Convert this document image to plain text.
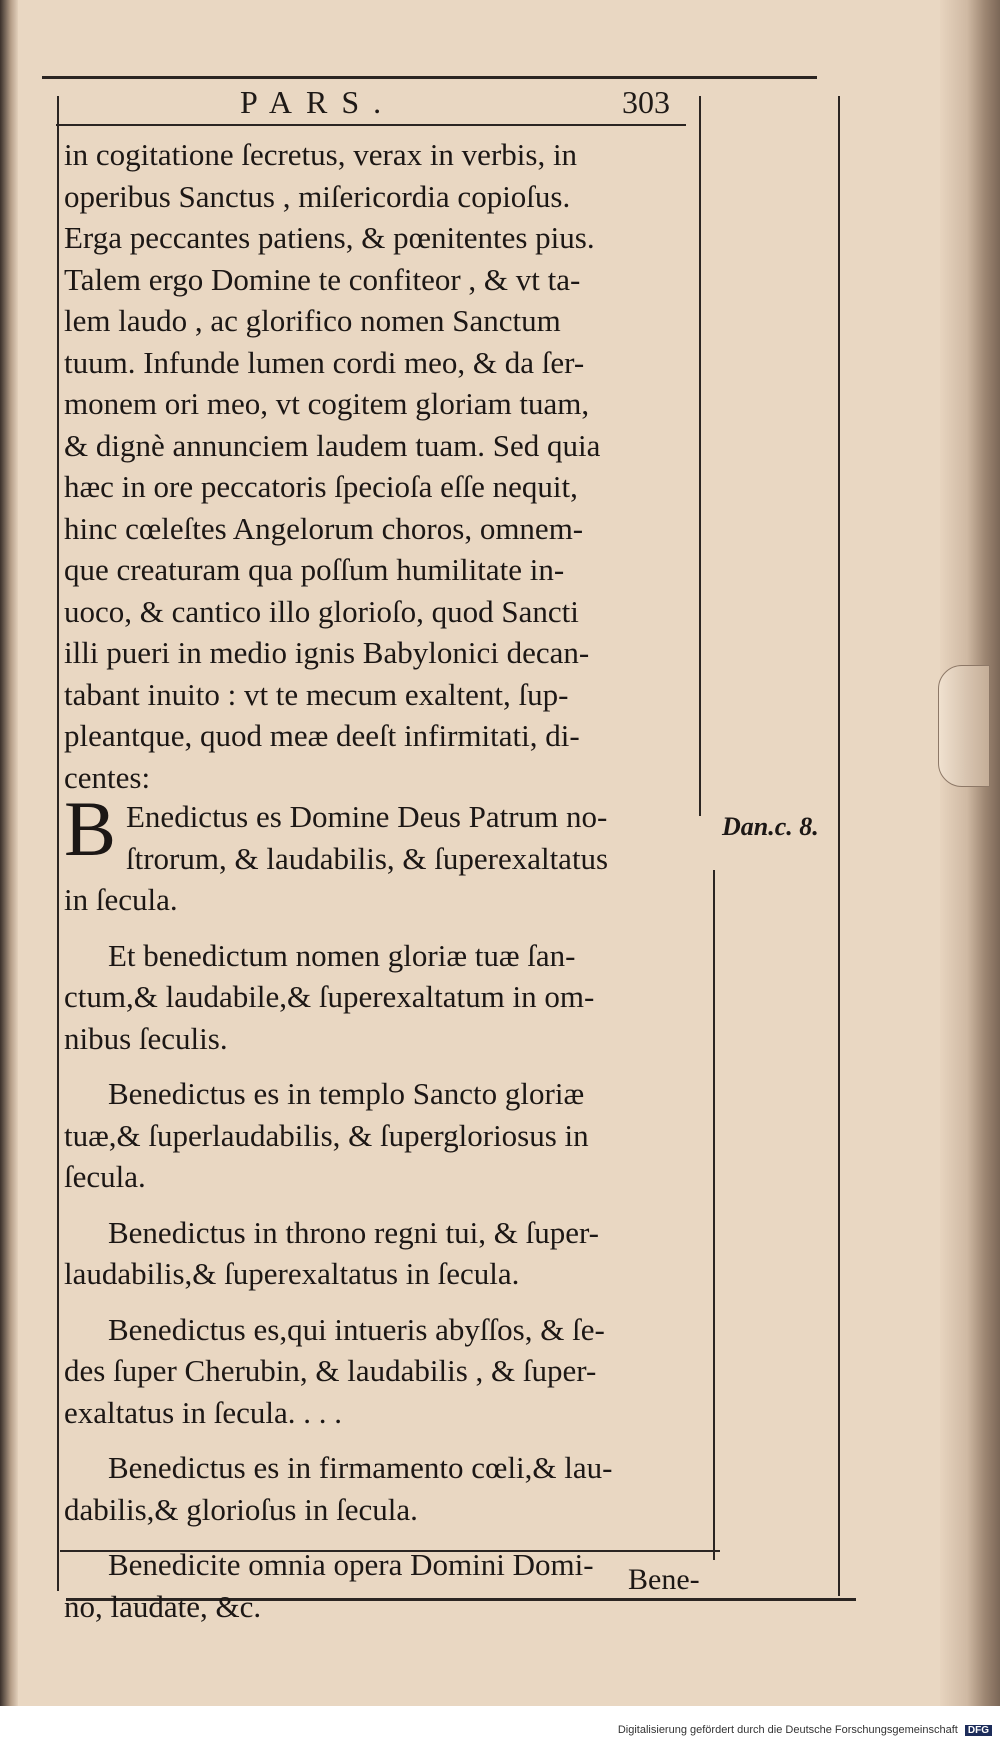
PARS.	303
in cogitatione ſecretus, verax in verbis, in
operibus Sanctus , miſericordia copioſus.
Erga peccantes patiens, & pœnitentes pius.
Talem ergo Domine te confiteor , & vt ta-
lem laudo , ac glorifico nomen Sanctum
tuum. Infunde lumen cordi meo, & da ſer-
monem ori meo, vt cogitem gloriam tuam,
& dignè annunciem laudem tuam. Sed quia
hæc in ore peccatoris ſpecioſa eſſe nequit,
hinc cœleſtes Angelorum choros, omnem-
que creaturam qua poſſum humilitate in-
uoco, & cantico illo glorioſo, quod Sancti
illi pueri in medio ignis Babylonici decan-
tabant inuito : vt te mecum exaltent, ſup-
pleantque, quod meæ deeſt infirmitati, di-
centes:
B Enedictus es Domine Deus Patrum no-
ſtrorum, & laudabilis, & ſuperexaltatus
in ſecula.
Et benedictum nomen gloriæ tuæ ſan-
ctum,& laudabile,& ſuperexaltatum in om-
nibus ſeculis.
Benedictus es in templo Sancto gloriæ
tuæ,& ſuperlaudabilis, & ſupergloriosus in
ſecula.
Benedictus in throno regni tui, & ſuper-
laudabilis,& ſuperexaltatus in ſecula.
Benedictus es,qui intueris abyſſos, & ſe-
des ſuper Cherubin, & laudabilis , & ſuper-
exaltatus in ſecula. . . .
Benedictus es in firmamento cœli,& lau-
dabilis,& glorioſus in ſecula.
Benedicite omnia opera Domini Domi-
no, laudate, &c.
Dan.c. 8.
Bene-
Digitalisierung gefördert durch die Deutsche Forschungsgemeinschaft DFG
